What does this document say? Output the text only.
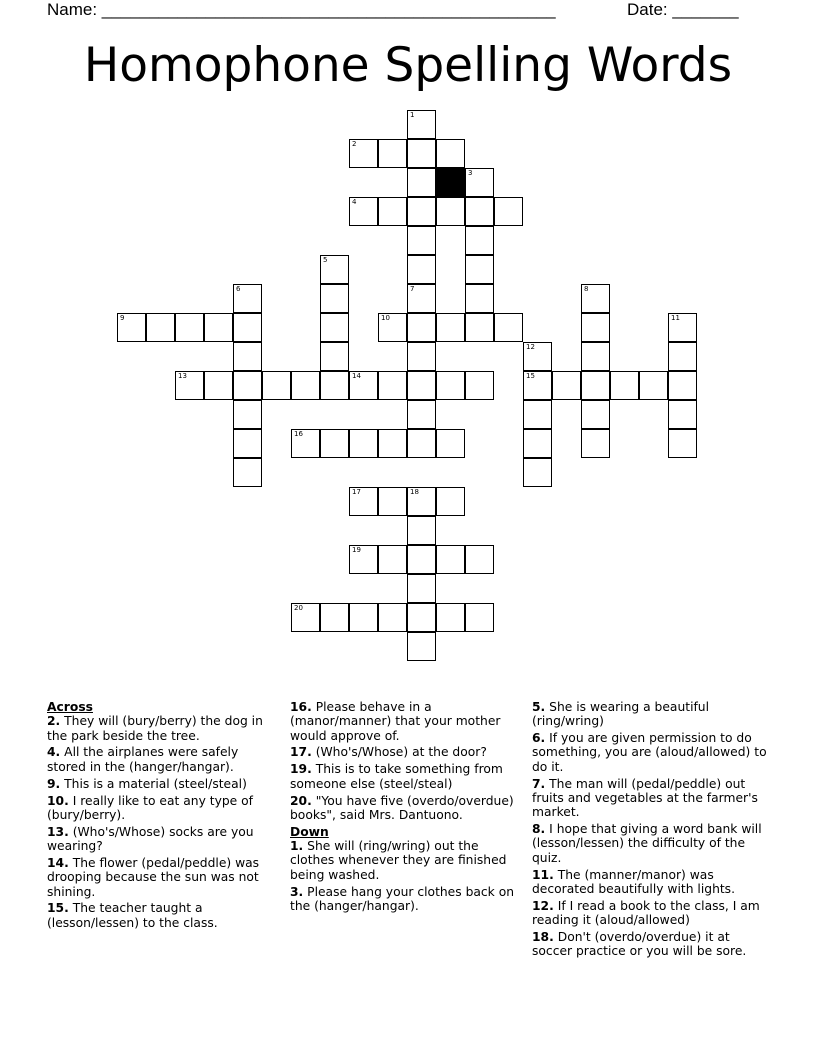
Name: ________________________________________________	Date: _______
Homophone Spelling Words
1
2
3
4
5
6	7	8
9	10	11
12
15
13	14
16
17	18
19
20
Across
2. They will (bury/berry) the dog in the park beside the tree.
4. All the airplanes were safely stored in the (hanger/hangar).
9. This is a material (steel/steal)
10. I really like to eat any type of (bury/berry).
13. (Who's/Whose) socks are you wearing?
14. The flower (pedal/peddle) was drooping because the sun was not shining.
15. The teacher taught a (lesson/lessen) to the class.
16. Please behave in a (manor/manner) that your mother would approve of.
17. (Who's/Whose) at the door?
19. This is to take something from someone else (steel/steal)
20. "You have five (overdo/overdue) books", said Mrs. Dantuono.
Down
1. She will (ring/wring) out the clothes whenever they are finished being washed.
3. Please hang your clothes back on the (hanger/hangar).
5. She is wearing a beautiful (ring/wring)
6. If you are given permission to do something, you are (aloud/allowed) to do it.
7. The man will (pedal/peddle) out fruits and vegetables at the farmer's market.
8. I hope that giving a word bank will (lesson/lessen) the difficulty of the quiz.
11. The (manner/manor) was decorated beautifully with lights.
12. If I read a book to the class, I am reading it (aloud/allowed)
18. Don't (overdo/overdue) it at soccer practice or you will be sore.
